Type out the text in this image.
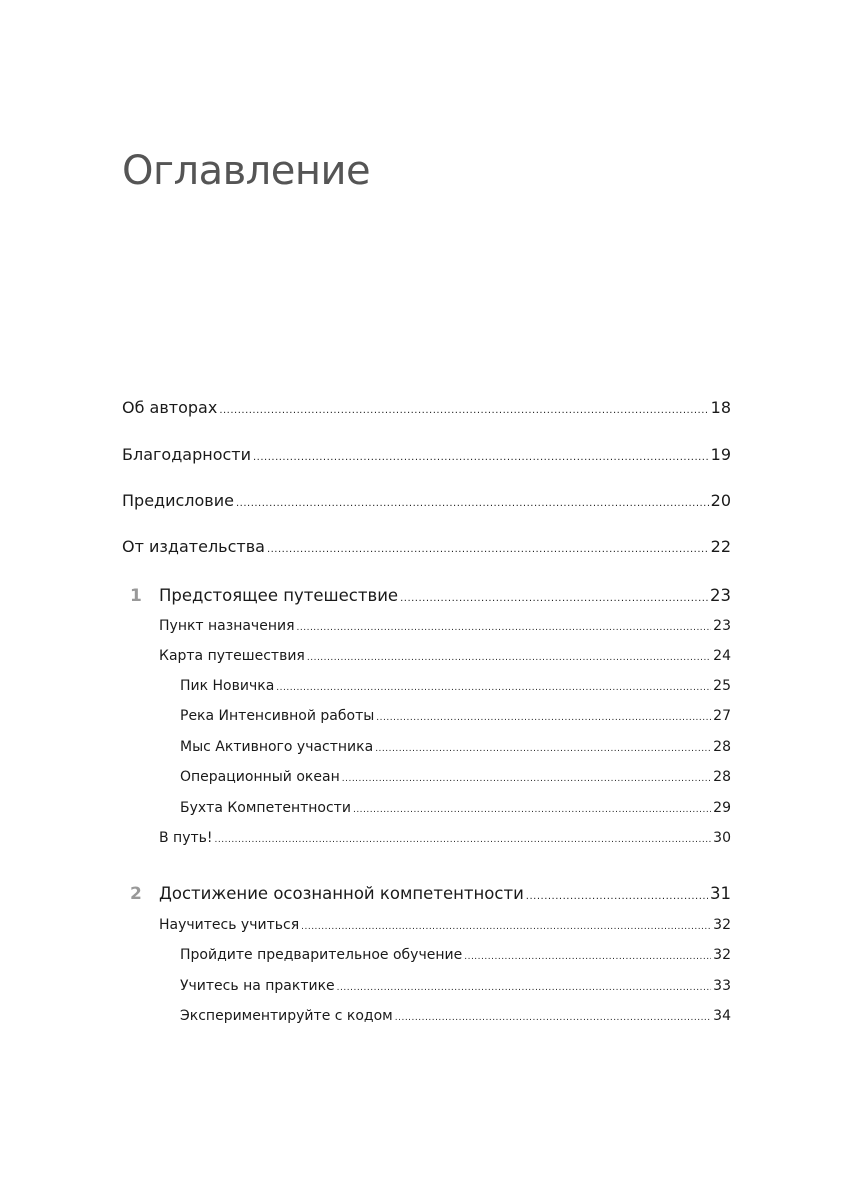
Оглавление
Об авторах .....	18
Благодарности .....	19
Предисловие .....	20
От издательства .....	22
1 Предстоящее путешествие .....	23
Пункт назначения .....	23
Карта путешествия .....	24
Пик Новичка .....	25
Река Интенсивной работы .....	27
Мыс Активного участника .....	28
Операционный океан .....	28
Бухта Компетентности .....	29
В путь! .....	30
2 Достижение осознанной компетентности .....	31
Научитесь учиться .....	32
Пройдите предварительное обучение .....	32
Учитесь на практике .....	33
Экспериментируйте с кодом .....	34
